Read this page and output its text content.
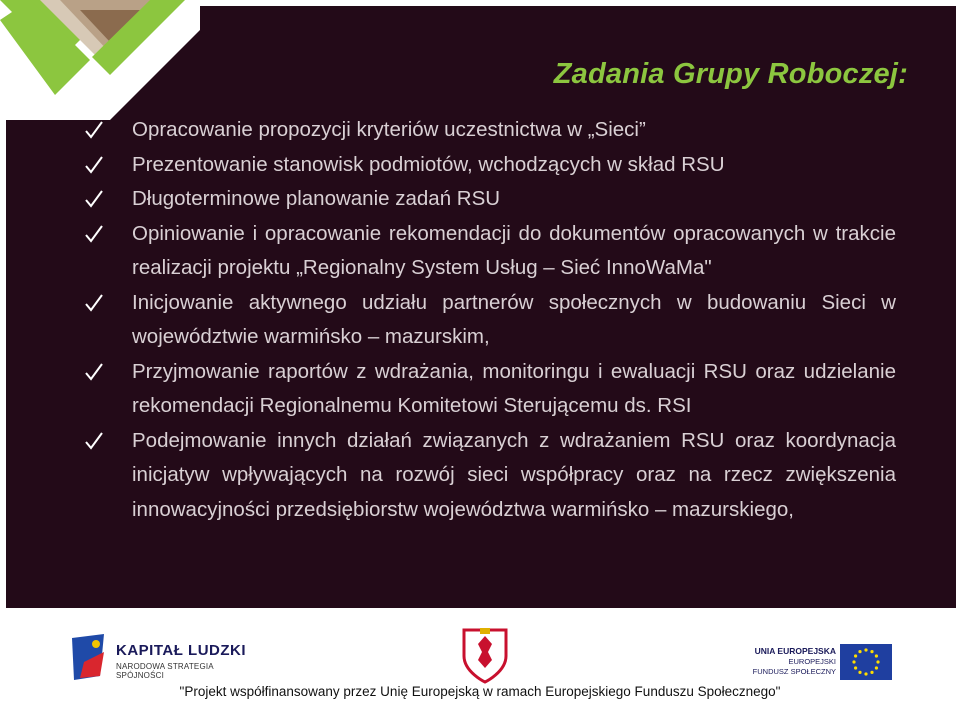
Zadania Grupy Roboczej:
Opracowanie propozycji kryteriów uczestnictwa w „Sieci”
Prezentowanie stanowisk podmiotów, wchodzących w skład RSU
Długoterminowe planowanie zadań RSU
Opiniowanie i opracowanie rekomendacji do dokumentów opracowanych w trakcie realizacji projektu „Regionalny System Usług – Sieć InnoWaMa"
Inicjowanie aktywnego udziału partnerów społecznych w budowaniu Sieci w województwie warmińsko – mazurskim,
Przyjmowanie raportów z wdrażania, monitoringu i ewaluacji RSU oraz udzielanie rekomendacji Regionalnemu Komitetowi Sterującemu ds. RSI
Podejmowanie innych działań związanych z wdrażaniem RSU oraz koordynacja inicjatyw wpływających na rozwój sieci współpracy oraz na rzecz zwiększenia innowacyjności przedsiębiorstw województwa warmińsko – mazurskiego,
KAPITAŁ LUDZKI
NARODOWA STRATEGIA SPÓJNOŚCI
UNIA EUROPEJSKA
EUROPEJSKI
FUNDUSZ SPOŁECZNY
"Projekt współfinansowany przez Unię Europejską w ramach Europejskiego Funduszu Społecznego"
